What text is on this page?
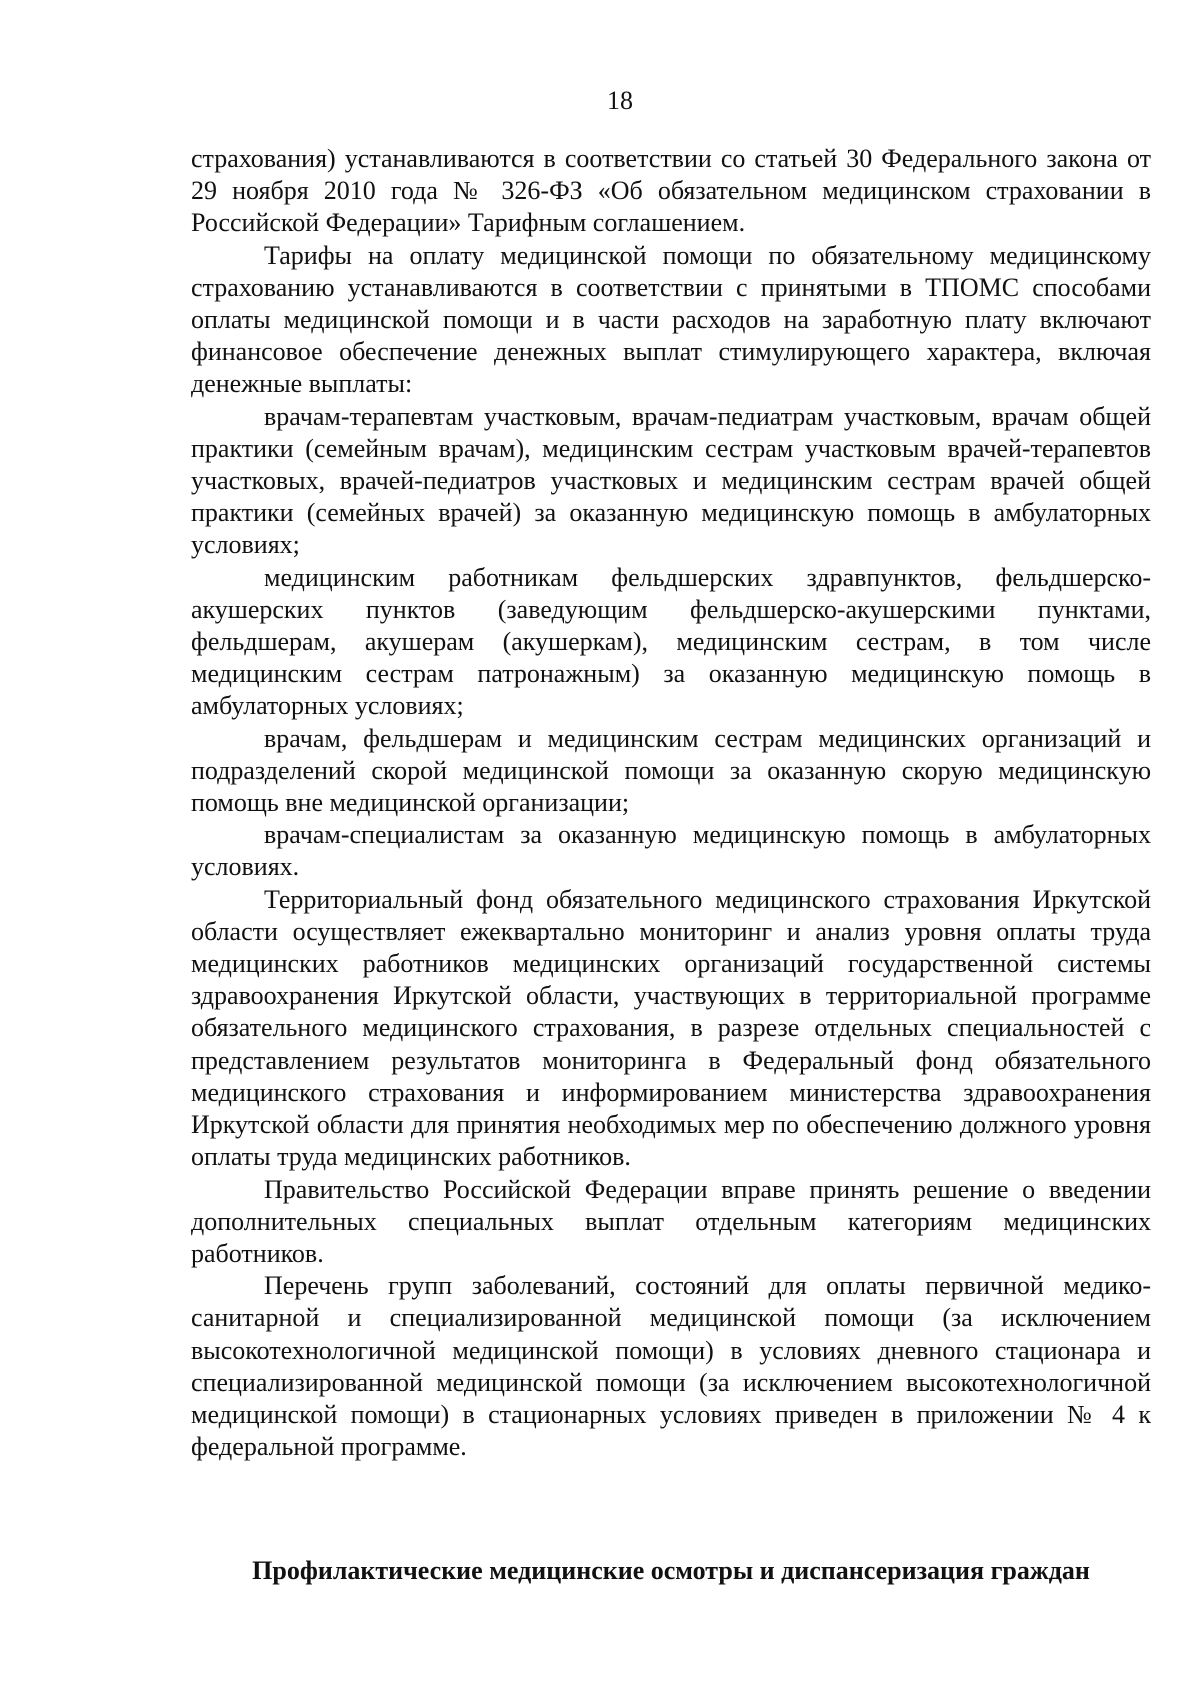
18

страхования) устанавливаются в соответствии со статьей 30 Федерального закона от 29 ноября 2010 года № 326-ФЗ «Об обязательном медицинском страховании в Российской Федерации» Тарифным соглашением.

Тарифы на оплату медицинской помощи по обязательному медицинскому страхованию устанавливаются в соответствии с принятыми в ТПОМС способами оплаты медицинской помощи и в части расходов на заработную плату включают финансовое обеспечение денежных выплат стимулирующего характера, включая денежные выплаты:

врачам-терапевтам участковым, врачам-педиатрам участковым, врачам общей практики (семейным врачам), медицинским сестрам участковым врачей-терапевтов участковых, врачей-педиатров участковых и медицинским сестрам врачей общей практики (семейных врачей) за оказанную медицинскую помощь в амбулаторных условиях;

медицинским работникам фельдшерских здравпунктов, фельдшерско-акушерских пунктов (заведующим фельдшерско-акушерскими пунктами, фельдшерам, акушерам (акушеркам), медицинским сестрам, в том числе медицинским сестрам патронажным) за оказанную медицинскую помощь в амбулаторных условиях;

врачам, фельдшерам и медицинским сестрам медицинских организаций и подразделений скорой медицинской помощи за оказанную скорую медицинскую помощь вне медицинской организации;

врачам-специалистам за оказанную медицинскую помощь в амбулаторных условиях.

Территориальный фонд обязательного медицинского страхования Иркутской области осуществляет ежеквартально мониторинг и анализ уровня оплаты труда медицинских работников медицинских организаций государственной системы здравоохранения Иркутской области, участвующих в территориальной программе обязательного медицинского страхования, в разрезе отдельных специальностей с представлением результатов мониторинга в Федеральный фонд обязательного медицинского страхования и информированием министерства здравоохранения Иркутской области для принятия необходимых мер по обеспечению должного уровня оплаты труда медицинских работников.

Правительство Российской Федерации вправе принять решение о введении дополнительных специальных выплат отдельным категориям медицинских работников.

Перечень групп заболеваний, состояний для оплаты первичной медико-санитарной и специализированной медицинской помощи (за исключением высокотехнологичной медицинской помощи) в условиях дневного стационара и специализированной медицинской помощи (за исключением высокотехнологичной медицинской помощи) в стационарных условиях приведен в приложении № 4 к федеральной программе.

Профилактические медицинские осмотры и диспансеризация граждан
